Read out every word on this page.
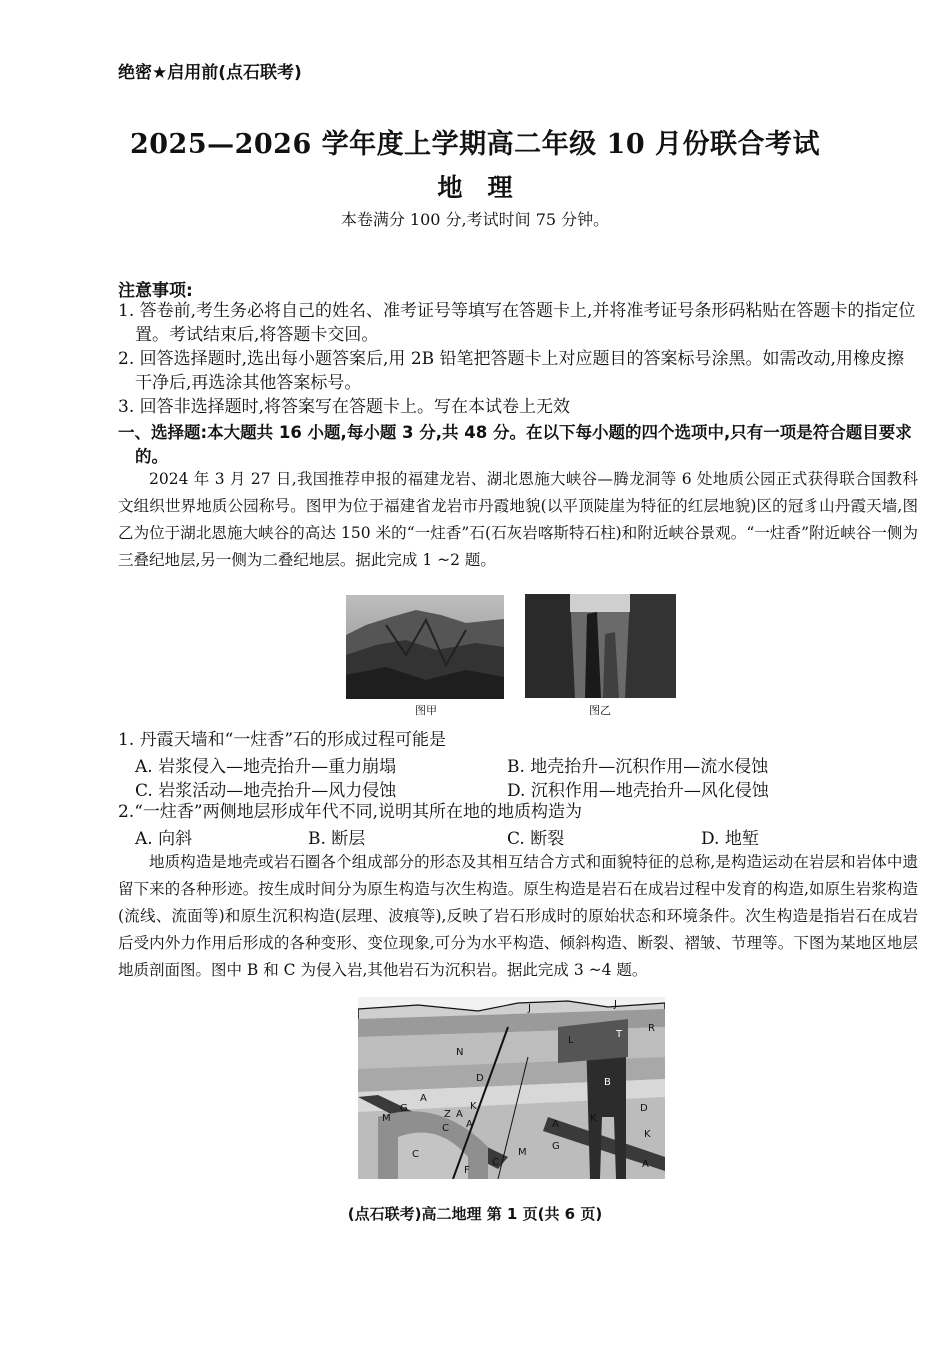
绝密★启用前(点石联考)
2025—2026 学年度上学期高二年级 10 月份联合考试
地　理
本卷满分 100 分,考试时间 75 分钟。
注意事项:
1. 答卷前,考生务必将自己的姓名、准考证号等填写在答题卡上,并将准考证号条形码粘贴在答题卡的指定位置。考试结束后,将答题卡交回。
2. 回答选择题时,选出每小题答案后,用 2B 铅笔把答题卡上对应题目的答案标号涂黑。如需改动,用橡皮擦干净后,再选涂其他答案标号。
3. 回答非选择题时,将答案写在答题卡上。写在本试卷上无效
一、选择题:本大题共 16 小题,每小题 3 分,共 48 分。在以下每小题的四个选项中,只有一项是符合题目要求的。
2024 年 3 月 27 日,我国推荐申报的福建龙岩、湖北恩施大峡谷—腾龙洞等 6 处地质公园正式获得联合国教科文组织世界地质公园称号。图甲为位于福建省龙岩市丹霞地貌(以平顶陡崖为特征的红层地貌)区的冠豸山丹霞天墙,图乙为位于湖北恩施大峡谷的高达 150 米的“一炷香”石(石灰岩喀斯特石柱)和附近峡谷景观。“一炷香”附近峡谷一侧为三叠纪地层,另一侧为二叠纪地层。据此完成 1 ~2 题。
图甲	图乙
1. 丹霞天墙和“一炷香”石的形成过程可能是
A. 岩浆侵入—地壳抬升—重力崩塌	B. 地壳抬升—沉积作用—流水侵蚀
C. 岩浆活动—地壳抬升—风力侵蚀	D. 沉积作用—地壳抬升—风化侵蚀
2.“一炷香”两侧地层形成年代不同,说明其所在地的地质构造为
A. 向斜	B. 断层	C. 断裂	D. 地堑
地质构造是地壳或岩石圈各个组成部分的形态及其相互结合方式和面貌特征的总称,是构造运动在岩层和岩体中遗留下来的各种形迹。按生成时间分为原生构造与次生构造。原生构造是岩石在成岩过程中发育的构造,如原生岩浆构造(流线、流面等)和原生沉积构造(层理、波痕等),反映了岩石形成时的原始状态和环境条件。次生构造是指岩石在成岩后受内外力作用后形成的各种变形、变位现象,可分为水平构造、倾斜构造、断裂、褶皱、节理等。下图为某地区地层地质剖面图。图中 B 和 C 为侵入岩,其他岩石为沉积岩。据此完成 3 ~4 题。
J	J
L
T
R
N
D	B
A
G	K
Z A
A
M
C
D
K
A
G
M
C
F
C
K
A
(点石联考)高二地理 第 1 页(共 6 页)
